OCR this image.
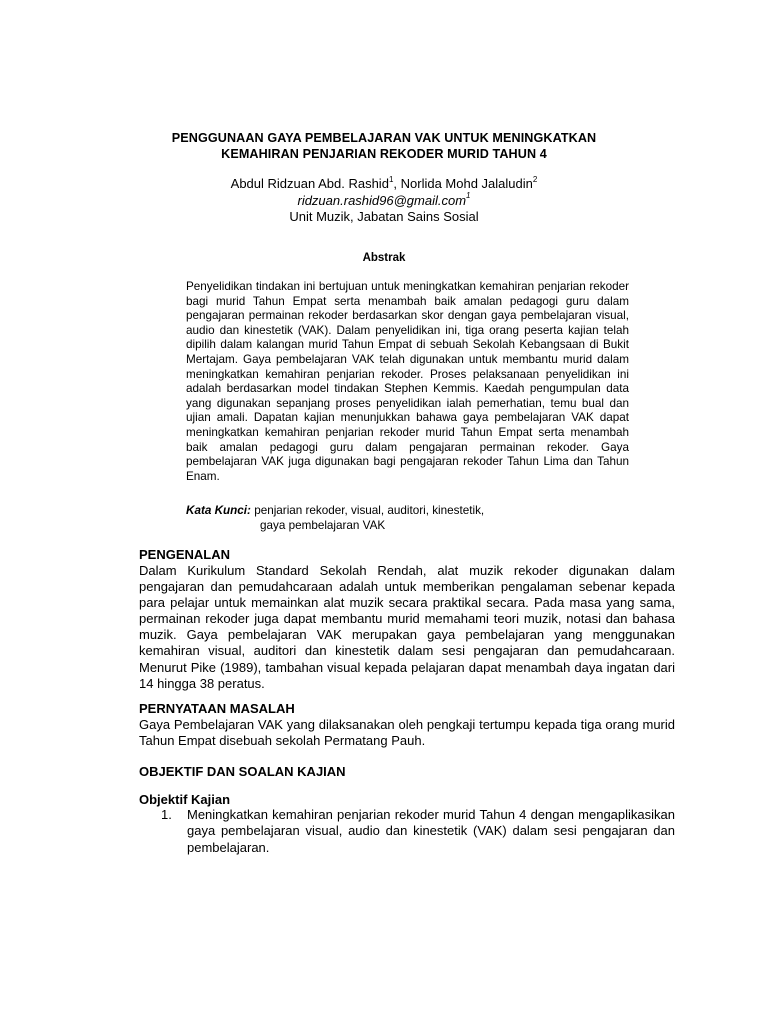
PENGGUNAAN GAYA PEMBELAJARAN VAK UNTUK MENINGKATKAN
KEMAHIRAN PENJARIAN REKODER MURID TAHUN 4
Abdul Ridzuan Abd. Rashid$^1$, Norlida Mohd Jalaludin$^2$
ridzuan.rashid96@gmail.com$^1$
Unit Muzik, Jabatan Sains Sosial
Abstrak
Penyelidikan tindakan ini bertujuan untuk meningkatkan kemahiran penjarian rekoder bagi murid Tahun Empat serta menambah baik amalan pedagogi guru dalam pengajaran permainan rekoder berdasarkan skor dengan gaya pembelajaran visual, audio dan kinestetik (VAK). Dalam penyelidikan ini, tiga orang peserta kajian telah dipilih dalam kalangan murid Tahun Empat di sebuah Sekolah Kebangsaan di Bukit Mertajam. Gaya pembelajaran VAK telah digunakan untuk membantu murid dalam meningkatkan kemahiran penjarian rekoder. Proses pelaksanaan penyelidikan ini adalah berdasarkan model tindakan Stephen Kemmis. Kaedah pengumpulan data yang digunakan sepanjang proses penyelidikan ialah pemerhatian, temu bual dan ujian amali. Dapatan kajian menunjukkan bahawa gaya pembelajaran VAK dapat meningkatkan kemahiran penjarian rekoder murid Tahun Empat serta menambah baik amalan pedagogi guru dalam pengajaran permainan rekoder. Gaya pembelajaran VAK juga digunakan bagi pengajaran rekoder Tahun Lima dan Tahun Enam.
Kata Kunci: penjarian rekoder, visual, auditori, kinestetik,
gaya pembelajaran VAK
PENGENALAN
Dalam Kurikulum Standard Sekolah Rendah, alat muzik rekoder digunakan dalam pengajaran dan pemudahcaraan adalah untuk memberikan pengalaman sebenar kepada para pelajar untuk memainkan alat muzik secara praktikal secara. Pada masa yang sama, permainan rekoder juga dapat membantu murid memahami teori muzik, notasi dan bahasa muzik. Gaya pembelajaran VAK merupakan gaya pembelajaran yang menggunakan kemahiran visual, auditori dan kinestetik dalam sesi pengajaran dan pemudahcaraan. Menurut Pike (1989), tambahan visual kepada pelajaran dapat menambah daya ingatan dari 14 hingga 38 peratus.
PERNYATAAN MASALAH
Gaya Pembelajaran VAK yang dilaksanakan oleh pengkaji tertumpu kepada tiga orang murid Tahun Empat disebuah sekolah Permatang Pauh.
OBJEKTIF DAN SOALAN KAJIAN
Objektif Kajian
1. Meningkatkan kemahiran penjarian rekoder murid Tahun 4 dengan mengaplikasikan gaya pembelajaran visual, audio dan kinestetik (VAK) dalam sesi pengajaran dan pembelajaran.
